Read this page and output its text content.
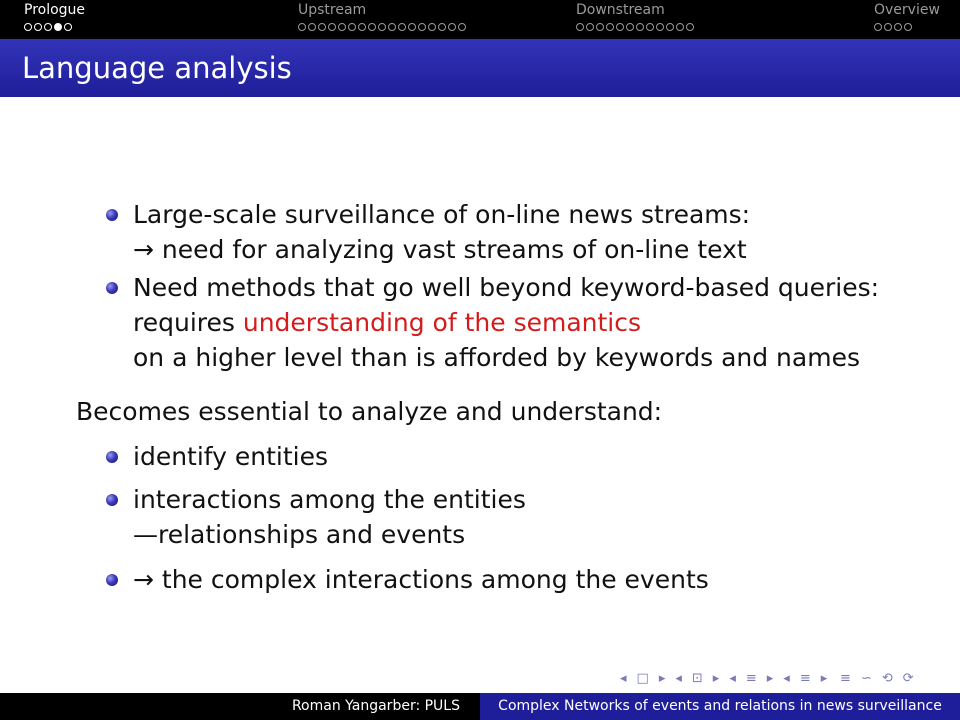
Prologue	Upstream	Downstream	Overview
Language analysis
Large-scale surveillance of on-line news streams:
→ need for analyzing vast streams of on-line text
Need methods that go well beyond keyword-based queries:
requires understanding of the semantics
on a higher level than is afforded by keywords and names
Becomes essential to analyze and understand:
identify entities
interactions among the entities
—relationships and events
→ the complex interactions among the events
◂ □ ▸ ◂ ⊡ ▸ ◂ ≡ ▸ ◂ ≡ ▸ ≡ ∽ ⟲ ⟳
Roman Yangarber: PULS	Complex Networks of events and relations in news surveillance
